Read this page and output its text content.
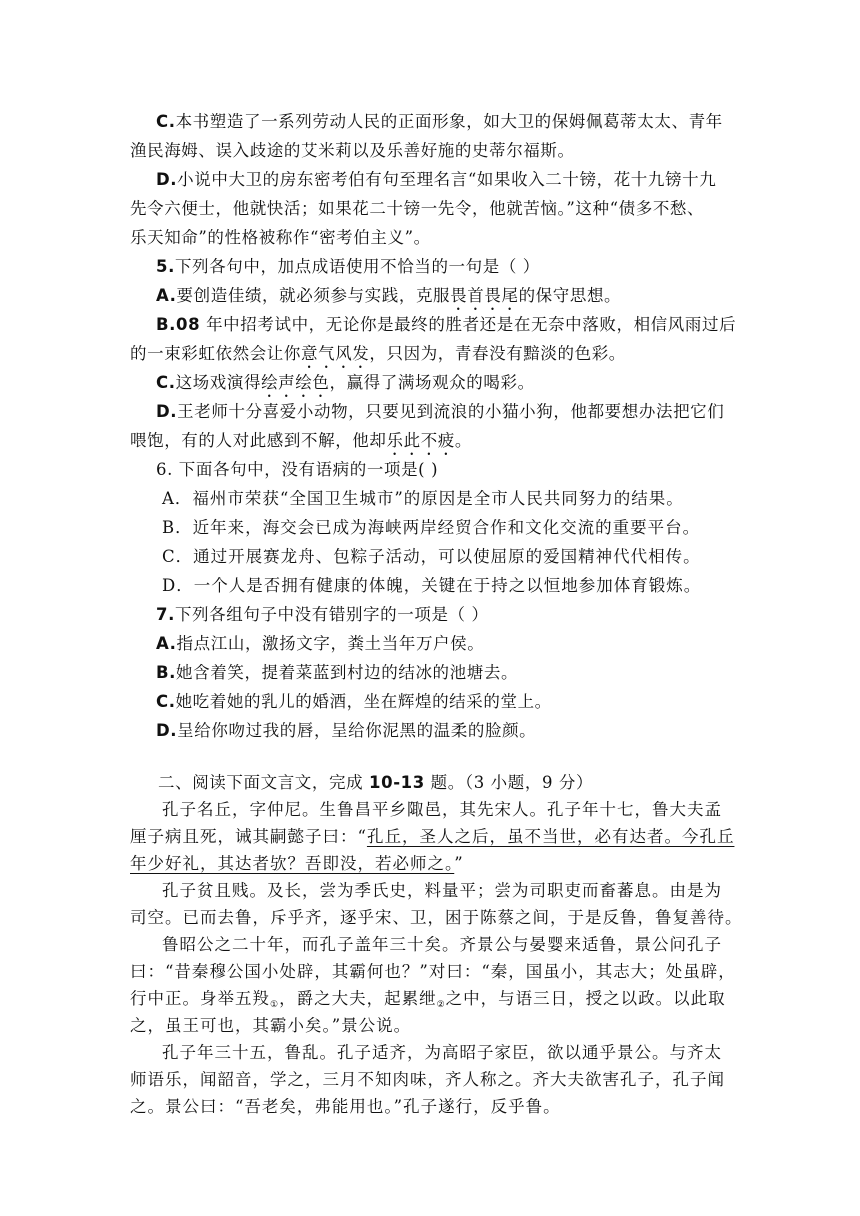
C.本书塑造了一系列劳动人民的正面形象，如大卫的保姆佩葛蒂太太、青年
渔民海姆、误入歧途的艾米莉以及乐善好施的史蒂尔福斯。
D.小说中大卫的房东密考伯有句至理名言“如果收入二十镑，花十九镑十九
先令六便士，他就快活；如果花二十镑一先令，他就苦恼。”这种“债多不愁、
乐天知命”的性格被称作“密考伯主义”。
5.下列各句中，加点成语使用不恰当的一句是（ ）
A.要创造佳绩，就必须参与实践，克服畏首畏尾的保守思想。
B.08 年中招考试中，无论你是最终的胜者还是在无奈中落败，相信风雨过后
的一束彩虹依然会让你意气风发，只因为，青春没有黯淡的色彩。
C.这场戏演得绘声绘色，赢得了满场观众的喝彩。
D.王老师十分喜爱小动物，只要见到流浪的小猫小狗，他都要想办法把它们
喂饱，有的人对此感到不解，他却乐此不疲。
6. 下面各句中，没有语病的一项是( )
A．福州市荣获“全国卫生城市”的原因是全市人民共同努力的结果。
B．近年来，海交会已成为海峡两岸经贸合作和文化交流的重要平台。
C．通过开展赛龙舟、包粽子活动，可以使屈原的爱国精神代代相传。
D．一个人是否拥有健康的体魄，关键在于持之以恒地参加体育锻炼。
7.下列各组句子中没有错别字的一项是（ ）
A.指点江山，激扬文字，粪土当年万户侯。
B.她含着笑，提着菜蓝到村边的结冰的池塘去。
C.她吃着她的乳儿的婚酒，坐在辉煌的结采的堂上。
D.呈给你吻过我的唇，呈给你泥黑的温柔的脸颜。
二、阅读下面文言文，完成 10-13 题。（3 小题，9 分）
孔子名丘，字仲尼。生鲁昌平乡陬邑，其先宋人。孔子年十七，鲁大夫孟
厘子病且死，诫其嗣懿子曰：“孔丘，圣人之后，虽不当世，必有达者。今孔丘
年少好礼，其达者欤？吾即没，若必师之。”
孔子贫且贱。及长，尝为季氏史，料量平；尝为司职吏而畜蕃息。由是为
司空。已而去鲁，斥乎齐，逐乎宋、卫，困于陈蔡之间，于是反鲁，鲁复善待。
鲁昭公之二十年，而孔子盖年三十矣。齐景公与晏婴来适鲁，景公问孔子
曰：“昔秦穆公国小处辟，其霸何也？”对曰：“秦，国虽小，其志大；处虽辟，
行中正。身举五羖$_①$，爵之大夫，起累绁$_②$之中，与语三日，授之以政。以此取
之，虽王可也，其霸小矣。”景公说。
孔子年三十五，鲁乱。孔子适齐，为高昭子家臣，欲以通乎景公。与齐太
师语乐，闻韶音，学之，三月不知肉味，齐人称之。齐大夫欲害孔子，孔子闻
之。景公曰：“吾老矣，弗能用也。”孔子遂行，反乎鲁。
